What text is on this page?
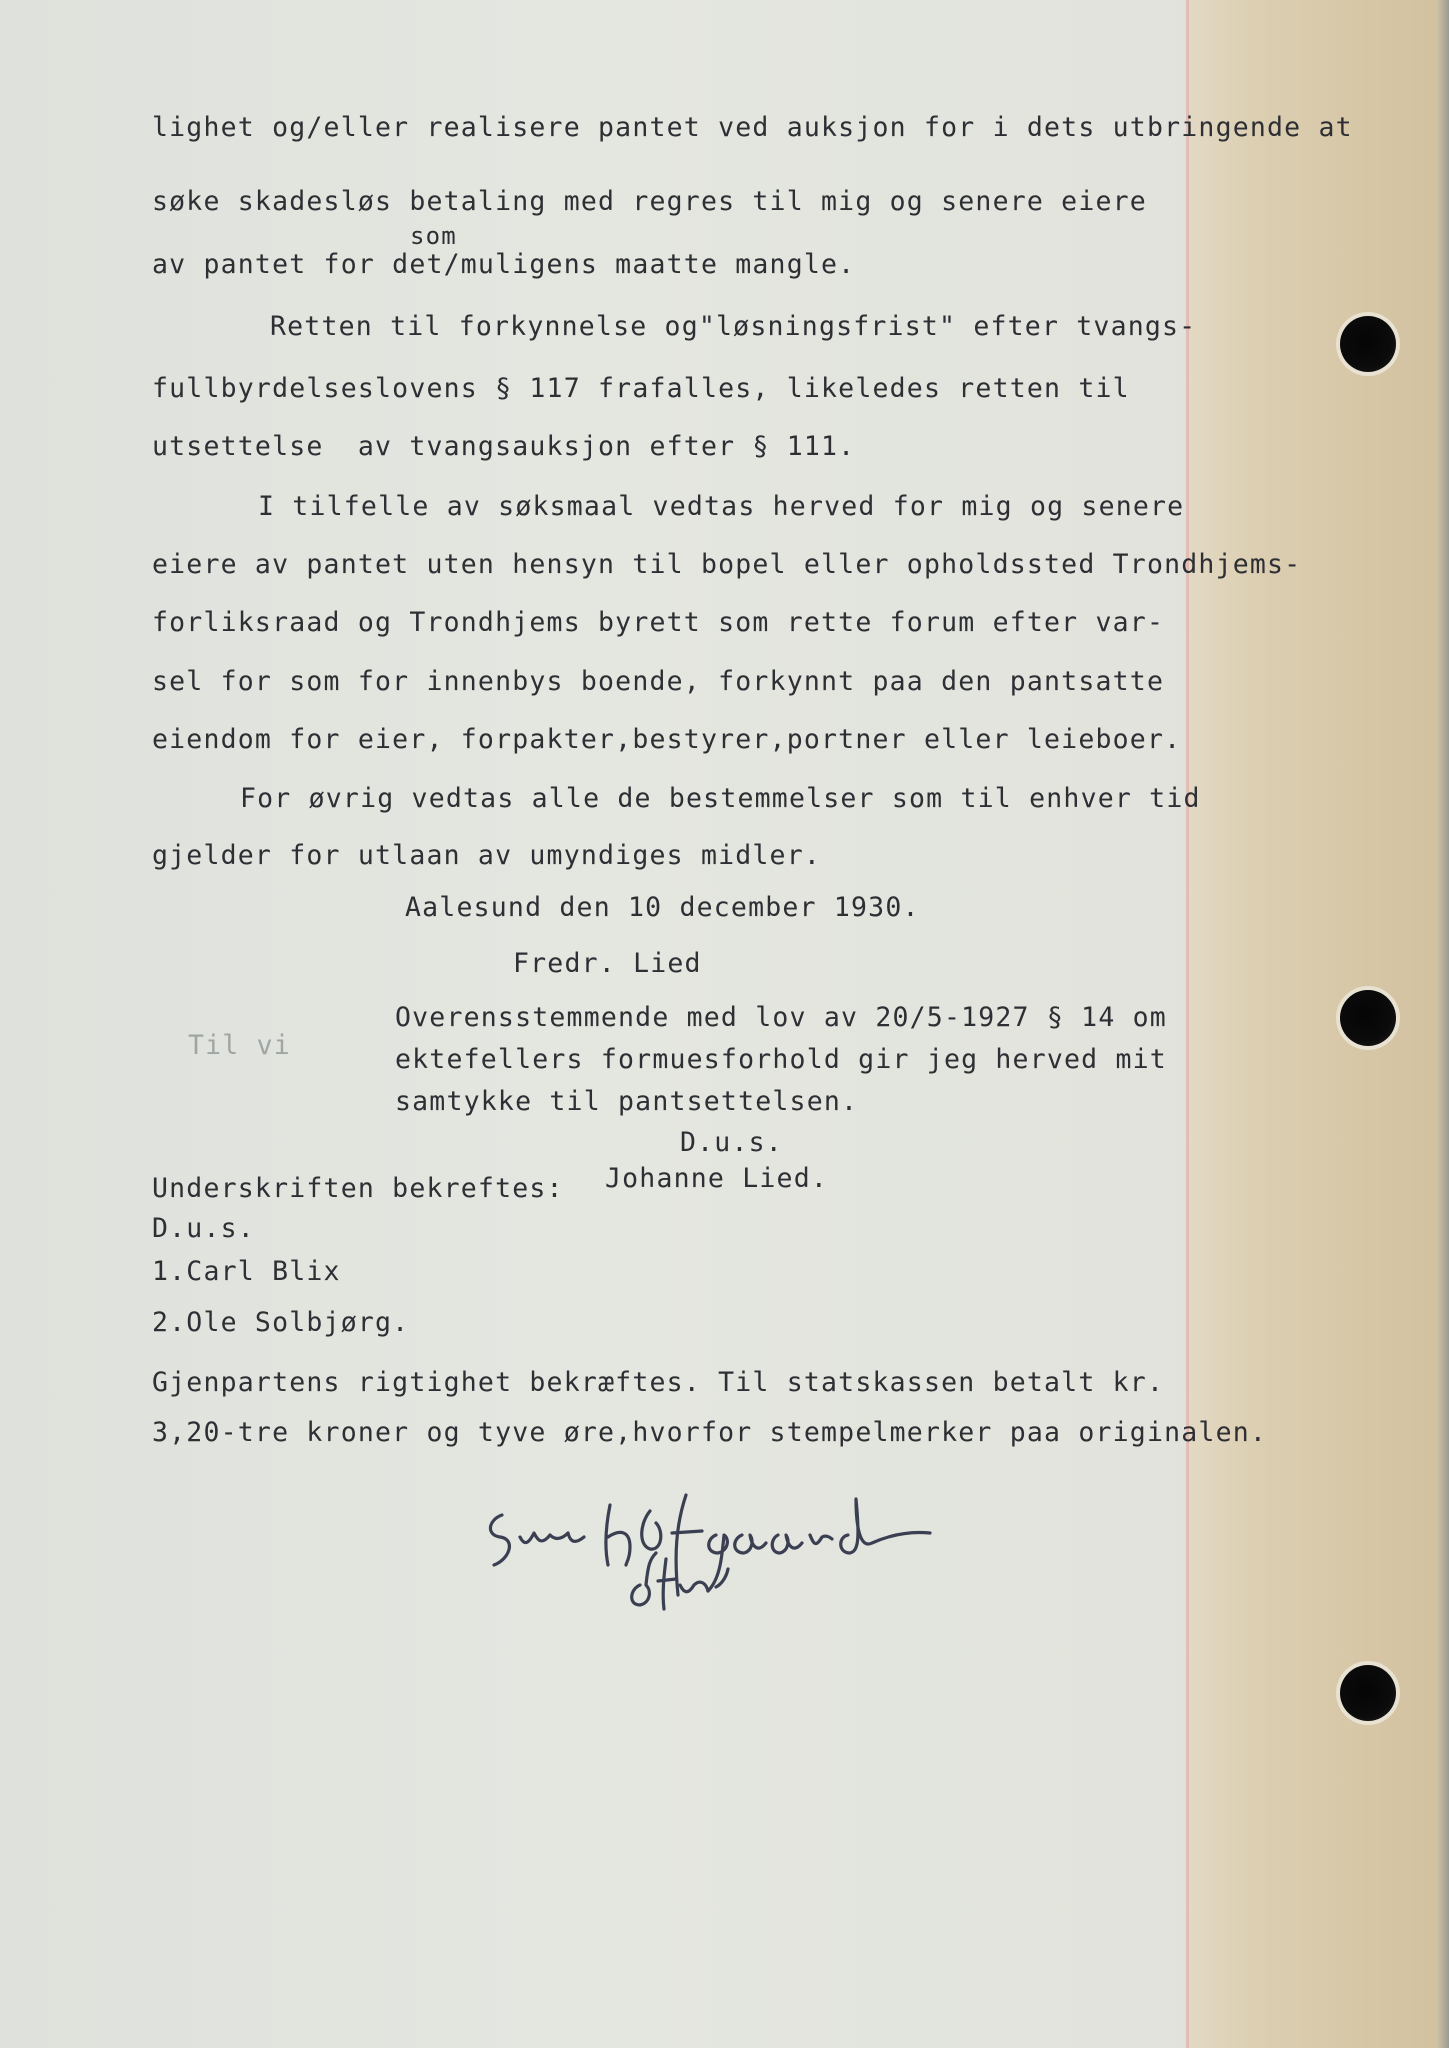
lighet og/eller realisere pantet ved auksjon for i dets utbringende at

søke skadesløs betaling med regres til mig og senere eiere

som

av pantet for det/muligens maatte mangle.

Retten til forkynnelse og"løsningsfrist" efter tvangs-

fullbyrdelseslovens § 117 frafalles, likeledes retten til

utsettelse  av tvangsauksjon efter § 111.

I tilfelle av søksmaal vedtas herved for mig og senere

eiere av pantet uten hensyn til bopel eller opholdssted Trondhjems-

forliksraad og Trondhjems byrett som rette forum efter var-

sel for som for innenbys boende, forkynnt paa den pantsatte

eiendom for eier, forpakter,bestyrer,portner eller leieboer.

For øvrig vedtas alle de bestemmelser som til enhver tid

gjelder for utlaan av umyndiges midler.

Aalesund den 10 december 1930.

Fredr. Lied

Til vi

Overensstemmende med lov av 20/5-1927 § 14 om

ektefellers formuesforhold gir jeg herved mit

samtykke til pantsettelsen.

D.u.s.

Johanne Lied.

Underskriften bekreftes:

D.u.s.

1.Carl Blix

2.Ole Solbjørg.

Gjenpartens rigtighet bekræftes. Til statskassen betalt kr.

3,20-tre kroner og tyve øre,hvorfor stempelmerker paa originalen.
